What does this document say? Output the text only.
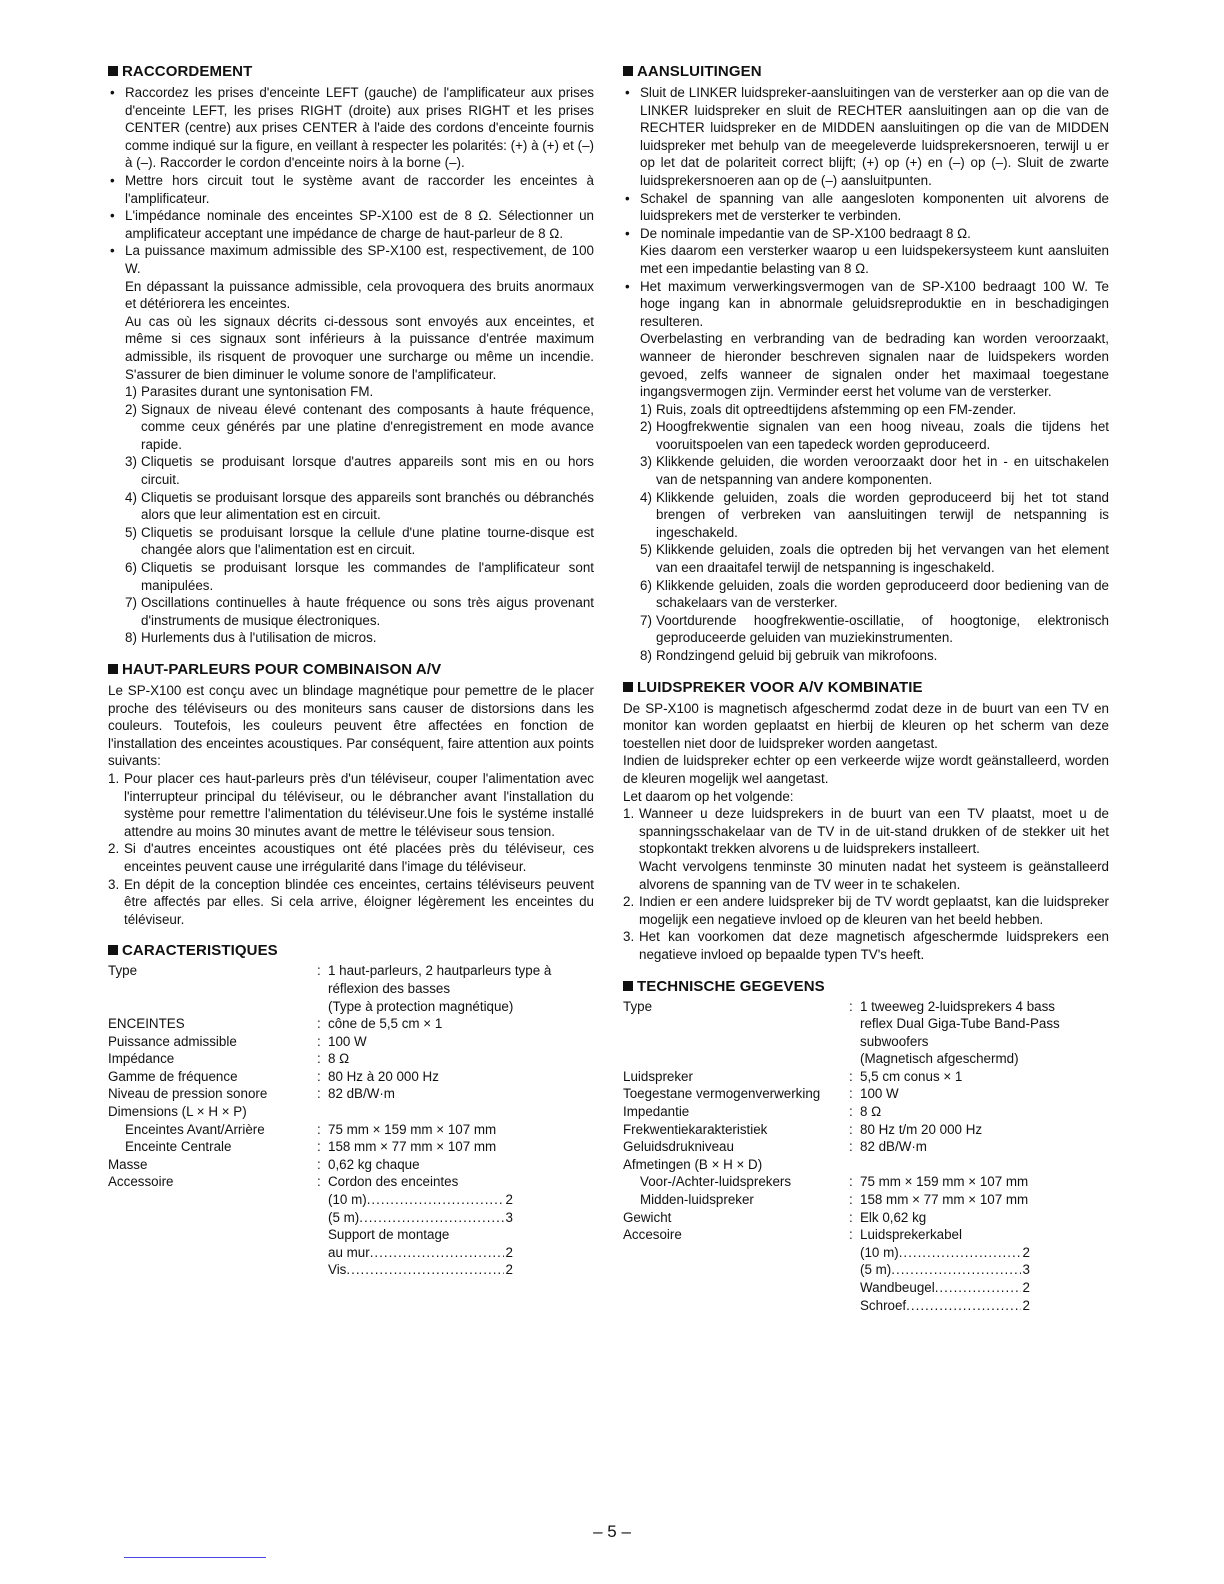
RACCORDEMENT
• Raccordez les prises d'enceinte LEFT (gauche) de l'amplificateur aux prises d'enceinte LEFT, les prises RIGHT (droite) aux prises RIGHT et les prises CENTER (centre) aux prises CENTER à l'aide des cordons d'enceinte fournis comme indiqué sur la figure, en veillant à respecter les polarités: (+) à (+) et (–) à (–). Raccorder le cordon d'enceinte noirs à la borne (–).
• Mettre hors circuit tout le système avant de raccorder les enceintes à l'amplificateur.
• L'impédance nominale des enceintes SP-X100 est de 8 Ω. Sélectionner un amplificateur acceptant une impédance de charge de haut-parleur de 8 Ω.
• La puissance maximum admissible des SP-X100 est, respectivement, de 100 W.
En dépassant la puissance admissible, cela provoquera des bruits anormaux et détériorera les enceintes.
Au cas où les signaux décrits ci-dessous sont envoyés aux enceintes, et même si ces signaux sont inférieurs à la puissance d'entrée maximum admissible, ils risquent de provoquer une surcharge ou même un incendie. S'assurer de bien diminuer le volume sonore de l'amplificateur.
1) Parasites durant une syntonisation FM.
2) Signaux de niveau élevé contenant des composants à haute fréquence, comme ceux générés par une platine d'enregistrement en mode avance rapide.
3) Cliquetis se produisant lorsque d'autres appareils sont mis en ou hors circuit.
4) Cliquetis se produisant lorsque des appareils sont branchés ou débranchés alors que leur alimentation est en circuit.
5) Cliquetis se produisant lorsque la cellule d'une platine tourne-disque est changée alors que l'alimentation est en circuit.
6) Cliquetis se produisant lorsque les commandes de l'amplificateur sont manipulées.
7) Oscillations continuelles à haute fréquence ou sons très aigus provenant d'instruments de musique électroniques.
8) Hurlements dus à l'utilisation de micros.
HAUT-PARLEURS POUR COMBINAISON A/V

Le SP-X100 est conçu avec un blindage magnétique pour pemettre de le placer proche des téléviseurs ou des moniteurs sans causer de distorsions dans les couleurs. Toutefois, les couleurs peuvent être affectées en fonction de l'installation des enceintes acoustiques. Par conséquent, faire attention aux points suivants:

1. Pour placer ces haut-parleurs près d'un téléviseur, couper l'alimentation avec l'interrupteur principal du téléviseur, ou le débrancher avant l'installation du système pour remettre l'alimentation du téléviseur.Une fois le systéme installé attendre au moins 30 minutes avant de mettre le téléviseur sous tension.
2. Si d'autres enceintes acoustiques ont été placées près du téléviseur, ces enceintes peuvent cause une irrégularité dans l'image du téléviseur.
3. En dépit de la conception blindée ces enceintes, certains téléviseurs peuvent être affectés par elles. Si cela arrive, éloigner légèrement les enceintes du téléviseur.
CARACTERISTIQUES
Type	: 1 haut-parleurs, 2 hautparleurs type à
réflexion des basses
(Type à protection magnétique)
ENCEINTES	: cône de 5,5 cm × 1
Puissance admissible	: 100 W
Impédance	: 8 Ω
Gamme de fréquence	: 80 Hz à 20 000 Hz
Niveau de pression sonore	: 82 dB/W·m
Dimensions (L × H × P)
Enceintes Avant/Arrière	: 75 mm × 159 mm × 107 mm
Enceinte Centrale	: 158 mm × 77 mm × 107 mm
Masse	: 0,62 kg chaque
Accessoire	: Cordon des enceintes
(10 m) .....	2
(5 m) .....	3
Support de montage
au mur .....	2
Vis .....	2
AANSLUITINGEN
• Sluit de LINKER luidspreker-aansluitingen van de versterker aan op die van de LINKER luidspreker en sluit de RECHTER aansluitingen aan op die van de RECHTER luidspreker en de MIDDEN aansluitingen op die van de MIDDEN luidspreker met behulp van de meegeleverde luidsprekersnoeren, terwijl u er op let dat de polariteit correct blijft; (+) op (+) en (–) op (–). Sluit de zwarte luidsprekersnoeren aan op de (–) aansluitpunten.
• Schakel de spanning van alle aangesloten komponenten uit alvorens de luidsprekers met de versterker te verbinden.
• De nominale impedantie van de SP-X100 bedraagt 8 Ω.
Kies daarom een versterker waarop u een luidspekersysteem kunt aansluiten met een impedantie belasting van 8 Ω.
• Het maximum verwerkingsvermogen van de SP-X100 bedraagt 100 W. Te hoge ingang kan in abnormale geluidsreproduktie en in beschadigingen resulteren.
Overbelasting en verbranding van de bedrading kan worden veroorzaakt, wanneer de hieronder beschreven signalen naar de luidspekers worden gevoed, zelfs wanneer de signalen onder het maximaal toegestane ingangsvermogen zijn. Verminder eerst het volume van de versterker.
1) Ruis, zoals dit optreedtijdens afstemming op een FM-zender.
2) Hoogfrekwentie signalen van een hoog niveau, zoals die tijdens het vooruitspoelen van een tapedeck worden geproduceerd.
3) Klikkende geluiden, die worden veroorzaakt door het in - en uitschakelen van de netspanning van andere komponenten.
4) Klikkende geluiden, zoals die worden geproduceerd bij het tot stand brengen of verbreken van aansluitingen terwijl de netspanning is ingeschakeld.
5) Klikkende geluiden, zoals die optreden bij het vervangen van het element van een draaitafel terwijl de netspanning is ingeschakeld.
6) Klikkende geluiden, zoals die worden geproduceerd door bediening van de schakelaars van de versterker.
7) Voortdurende hoogfrekwentie-oscillatie, of hoogtonige, elektronisch geproduceerde geluiden van muziekinstrumenten.
8) Rondzingend geluid bij gebruik van mikrofoons.
LUIDSPREKER VOOR A/V KOMBINATIE

De SP-X100 is magnetisch afgeschermd zodat deze in de buurt van een TV en monitor kan worden geplaatst en hierbij de kleuren op het scherm van deze toestellen niet door de luidspreker worden aangetast.

Indien de luidspreker echter op een verkeerde wijze wordt geänstalleerd, worden de kleuren mogelijk wel aangetast.

Let daarom op het volgende:

1. Wanneer u deze luidsprekers in de buurt van een TV plaatst, moet u de spanningsschakelaar van de TV in de uit-stand drukken of de stekker uit het stopkontakt trekken alvorens u de luidsprekers installeert.
Wacht vervolgens tenminste 30 minuten nadat het systeem is geänstalleerd alvorens de spanning van de TV weer in te schakelen.
2. Indien er een andere luidspreker bij de TV wordt geplaatst, kan die luidspreker mogelijk een negatieve invloed op de kleuren van het beeld hebben.
3. Het kan voorkomen dat deze magnetisch afgeschermde luidsprekers een negatieve invloed op bepaalde typen TV's heeft.
TECHNISCHE GEGEVENS
Type	: 1 tweeweg 2-luidsprekers 4 bass
reflex Dual Giga-Tube Band-Pass
subwoofers
(Magnetisch afgeschermd)
Luidspreker	: 5,5 cm conus × 1
Toegestane vermogenverwerking	: 100 W
Impedantie	: 8 Ω
Frekwentiekarakteristiek	: 80 Hz t/m 20 000 Hz
Geluidsdrukniveau	: 82 dB/W·m
Afmetingen (B × H × D)
Voor-/Achter-luidsprekers	: 75 mm × 159 mm × 107 mm
Midden-luidspreker	: 158 mm × 77 mm × 107 mm
Gewicht	: Elk 0,62 kg
Accesoire	: Luidsprekerkabel
(10 m) .....	2
(5 m) .....	3
Wandbeugel .....	2
Schroef .....	2
– 5 –
